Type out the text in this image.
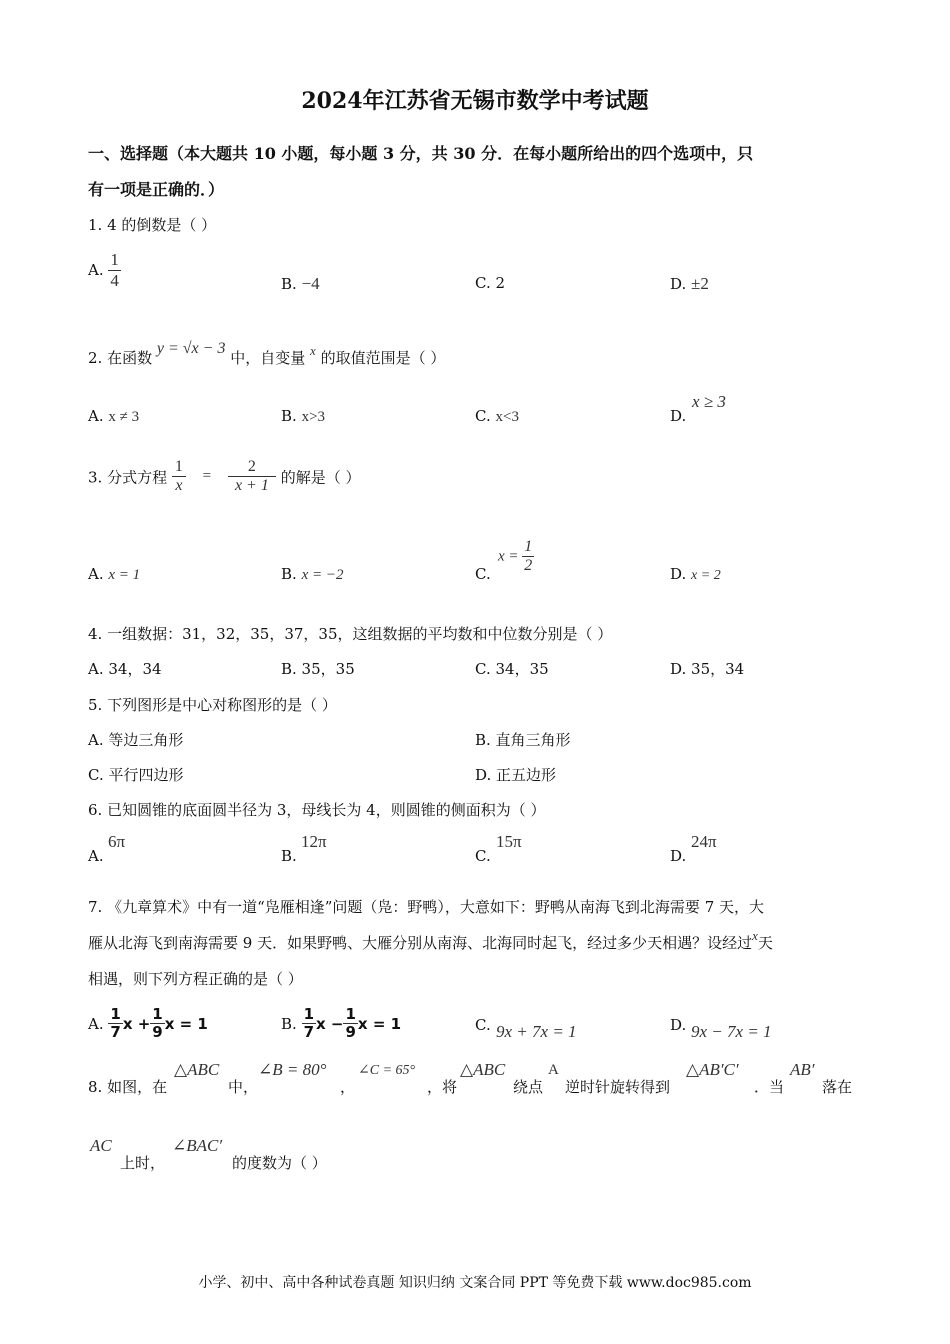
2024年江苏省无锡市数学中考试题
一、选择题（本大题共 10 小题，每小题 3 分，共 30 分．在每小题所给出的四个选项中，只
有一项是正确的．）
1. 4 的倒数是（ ）
A. $\frac{1}{4}$	B. −4	C. 2	D. ±2
2. 在函数 y = √x − 3 中，自变量 x 的取值范围是（ ）
A. x ≠ 3	B. x>3	C. x<3	D.
x ≥ 3
3. 分式方程 $\frac{1}{x} = \frac{2}{x + 1}$ 的解是（ ）
A. x = 1	B. x = −2	C.
$x = \frac{1}{2}$	D. x = 2
4. 一组数据：31，32，35，37，35，这组数据的平均数和中位数分别是（ ）
A. 34，34	B. 35，35	C. 34，35	D. 35，34
5. 下列图形是中心对称图形的是（ ）
A. 等边三角形	B. 直角三角形
C. 平行四边形	D. 正五边形
6. 已知圆锥的底面圆半径为 3，母线长为 4，则圆锥的侧面积为（ ）
A.
6π
B.
12π
C.
15π
D.
24π
7. 《九章算术》中有一道“凫雁相逢”问题（凫：野鸭），大意如下：野鸭从南海飞到北海需要 7 天，大
雁从北海飞到南海需要 9 天．如果野鸭、大雁分别从南海、北海同时起飞，经过多少天相遇？设经过x天
相遇，则下列方程正确的是（ ）
A. $\frac{1}{7}$ $x + \frac{1}{9}$ x = 1	B. $\frac{1}{7}$ $x - \frac{1}{9}$ x = 1	C. 9x + 7x = 1	D. 9x − 7x = 1
8. 如图，在
△ABC
中，
∠B = 80°
，
∠C = 65°
，将
△ABC
绕点
A
逆时针旋转得到
△AB′C′
．当
AB′
落在
AC
上时，
∠BAC′
的度数为（ ）
小学、初中、高中各种试卷真题 知识归纳 文案合同 PPT 等免费下载 www.doc985.com
